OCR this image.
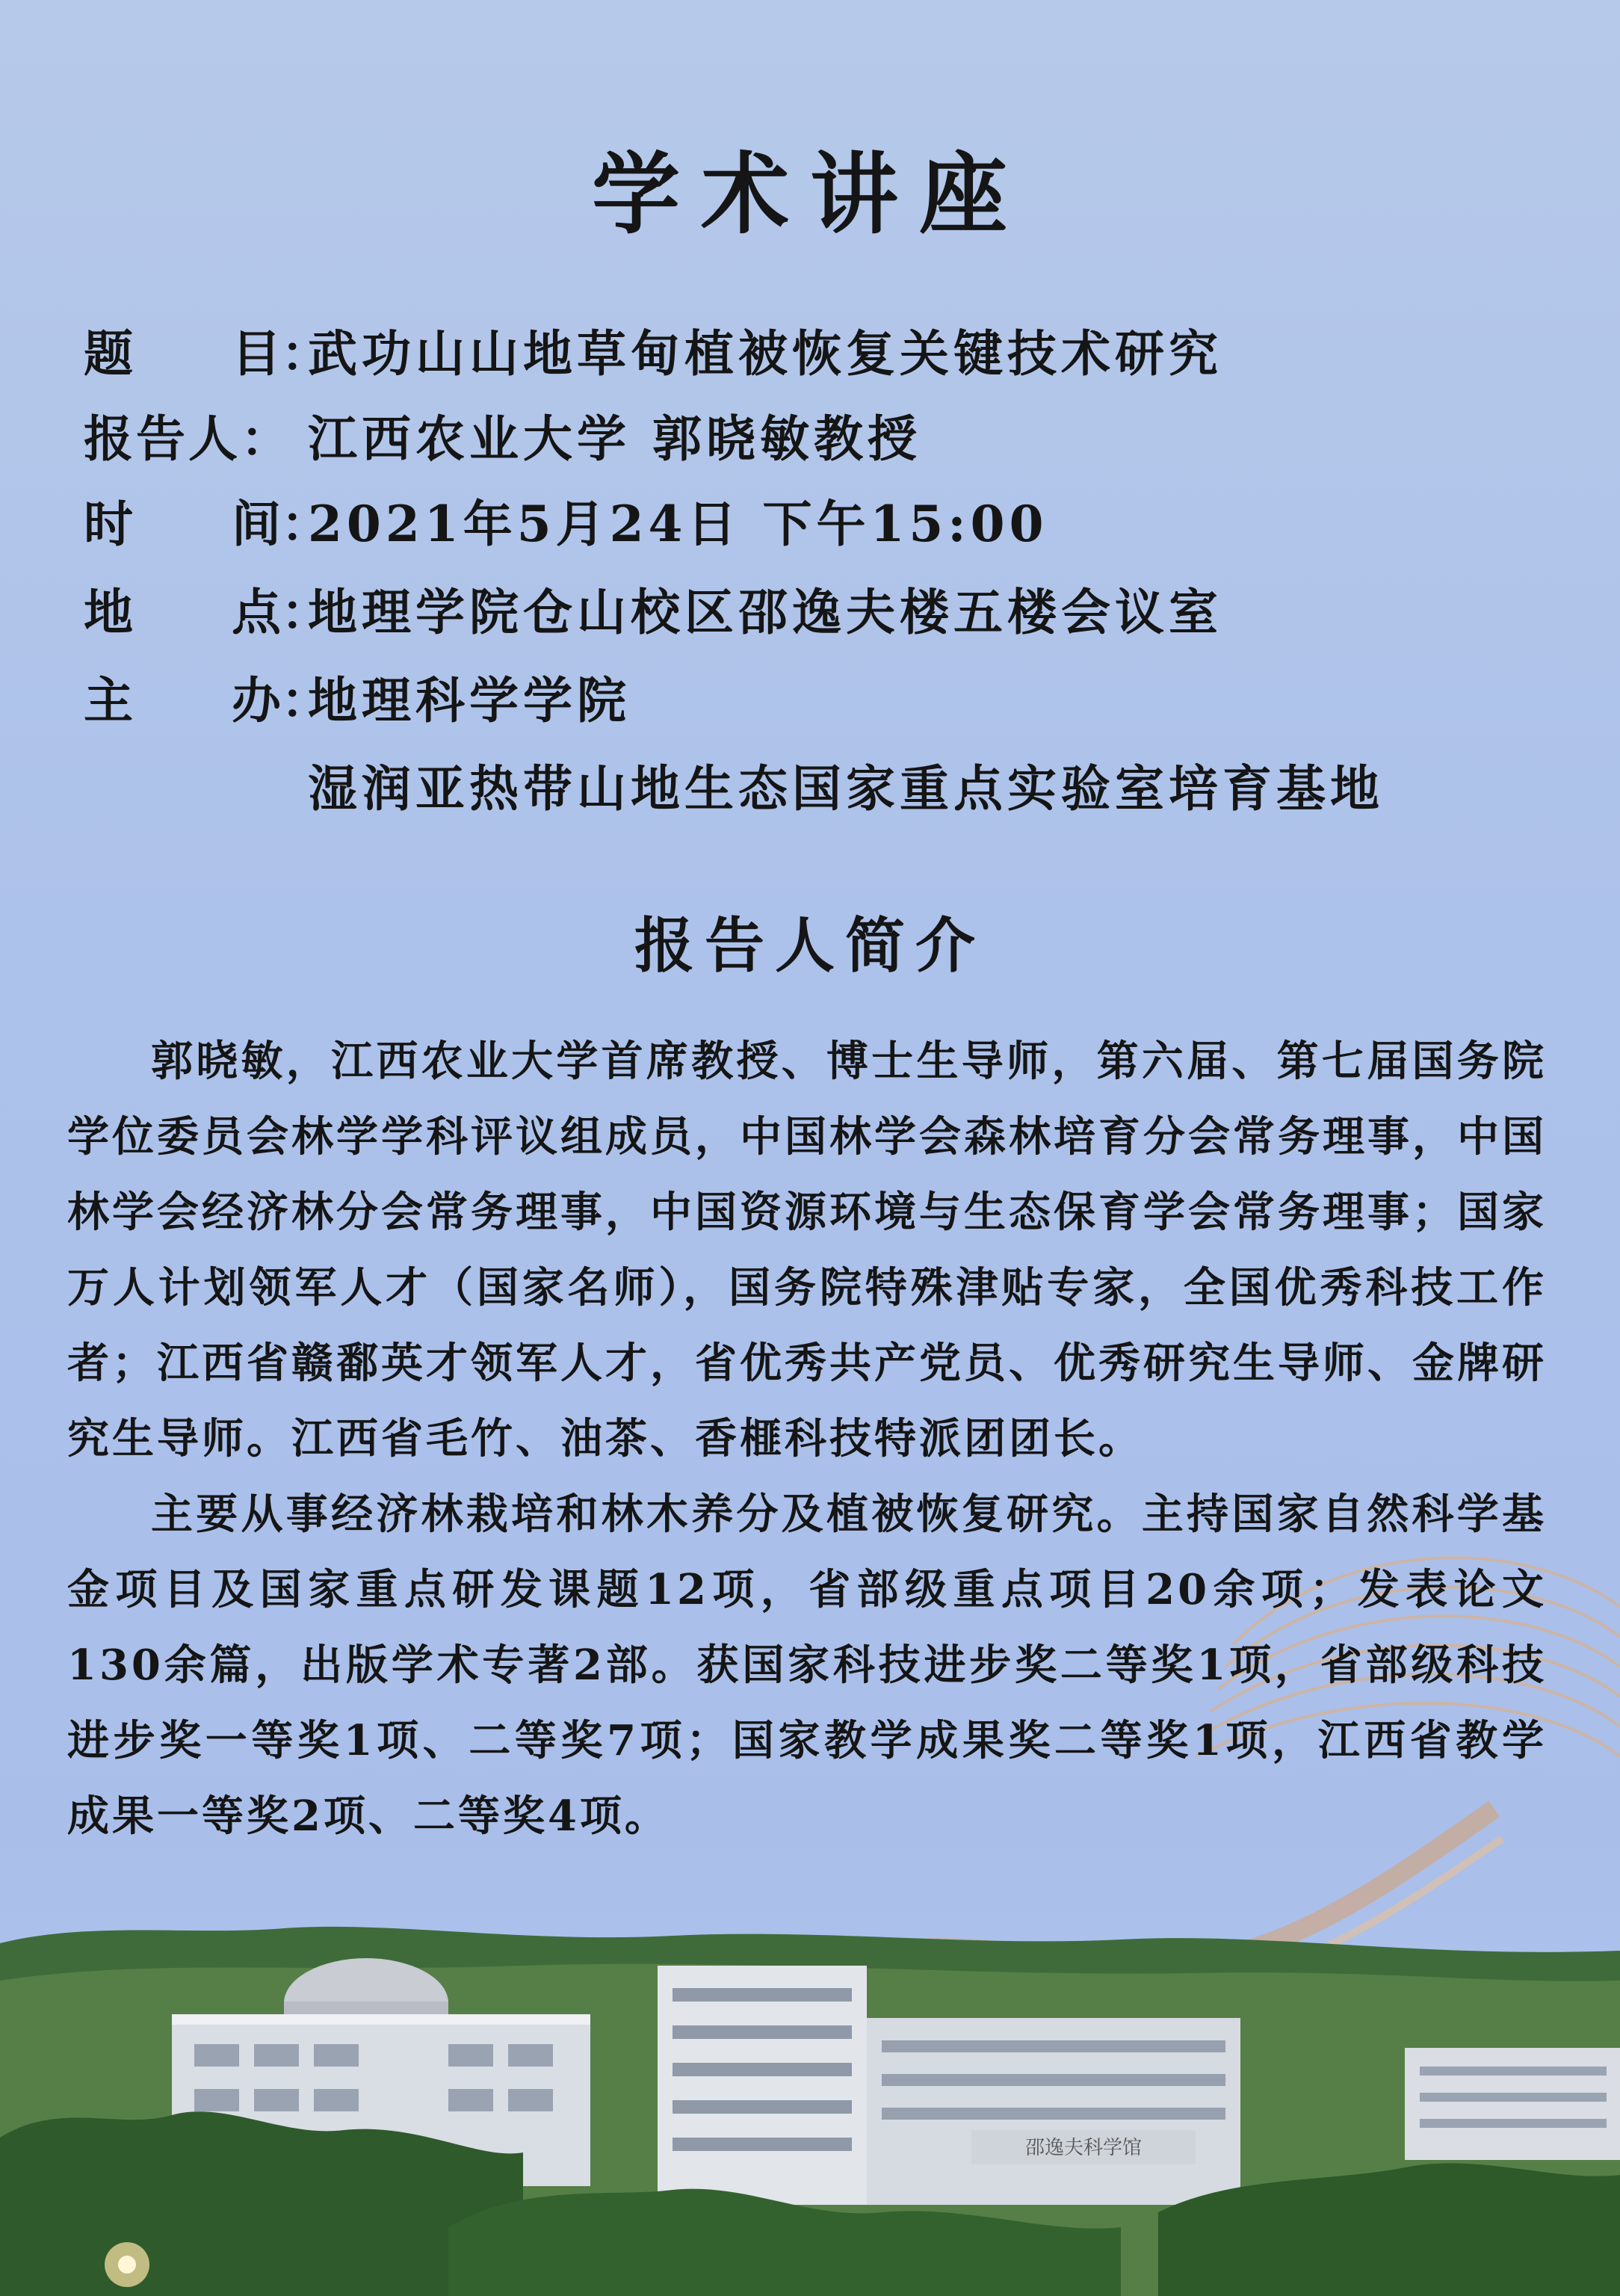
学术讲座
题　　目：武功山山地草甸植被恢复关键技术研究
报告人： 江西农业大学 郭晓敏教授
时　　间：2021年5月24日 下午15:00
地　　点：地理学院仓山校区邵逸夫楼五楼会议室
主　　办：地理科学学院
湿润亚热带山地生态国家重点实验室培育基地
报告人简介

郭晓敏，江西农业大学首席教授、博士生导师，第六届、第七届国务院学位委员会林学学科评议组成员，中国林学会森林培育分会常务理事，中国林学会经济林分会常务理事，中国资源环境与生态保育学会常务理事；国家万人计划领军人才（国家名师），国务院特殊津贴专家，全国优秀科技工作者；江西省赣鄱英才领军人才，省优秀共产党员、优秀研究生导师、金牌研究生导师。江西省毛竹、油茶、香榧科技特派团团长。

主要从事经济林栽培和林木养分及植被恢复研究。主持国家自然科学基金项目及国家重点研发课题12项，省部级重点项目20余项；发表论文130余篇，出版学术专著2部。获国家科技进步奖二等奖1项，省部级科技进步奖一等奖1项、二等奖7项；国家教学成果奖二等奖1项，江西省教学成果一等奖2项、二等奖4项。

邵逸夫科学馆
